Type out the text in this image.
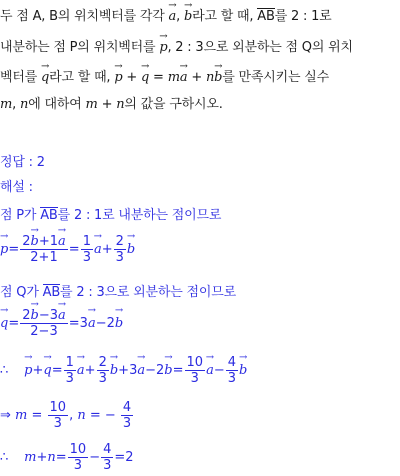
두 점 A, B의 위치벡터를 각각 → a, → b라고 할 때, AB를 2 : 1로
내분하는 점 P의 위치벡터를 → p, 2 : 3으로 외분하는 점 Q의 위치
벡터를 → q라고 할 때, → p + → q = m→ a + n→ b를 만족시키는 실수
m, n에 대하여 m + n의 값을 구하시오.
정답 : 2
해설 :
점 P가 AB를 2 : 1로 내분하는 점이므로
→ $p= \frac{2\to b+1\to a}{2+1} = \frac{1}{3}$
→ $a+ \frac{2}{3}$
→ b
점 Q가 AB를 2 : 3으로 외분하는 점이므로
→ $q= \frac{2\to b-3\to a}{2-3} =3\to a-2\to b$
∴ → $p+\to q= \frac{1}{3}$
→ $a+ \frac{2}{3}$
→ $b+3\to a-2\to b= \frac{10}{3}$
→ $a- \frac{4}{3}$
→ b
⇒ $m = \frac{10}{3}$ , n = − $\frac{4}{3}$
∴ $m+n= \frac{10}{3} - \frac{4}{3} =2$
